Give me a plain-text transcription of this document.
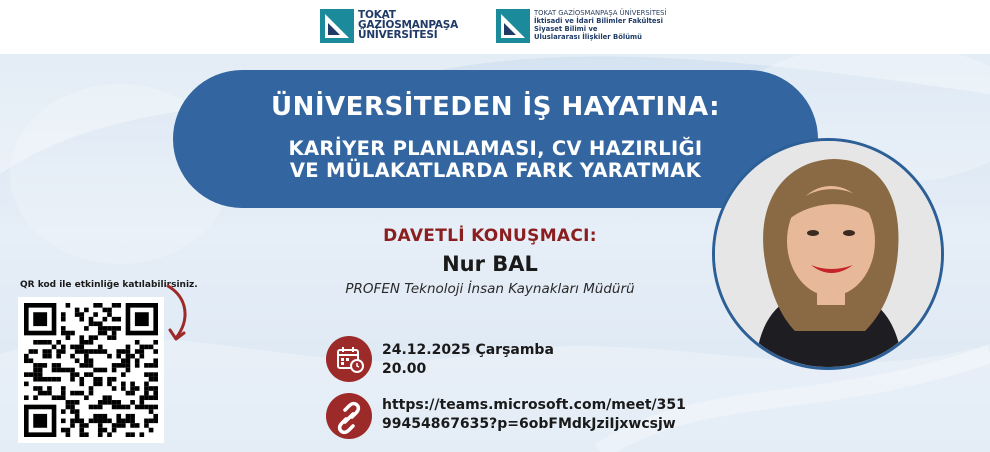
TOKAT
GAZİOSMANPAŞA
ÜNİVERSİTESİ
TOKAT GAZİOSMANPAŞA ÜNİVERSİTESİ
İktisadi ve İdari Bilimler Fakültesi
Siyaset Bilimi ve
Uluslararası İlişkiler Bölümü
ÜNİVERSİTEDEN İŞ HAYATINA:
KARİYER PLANLAMASI, CV HAZIRLIĞI
VE MÜLAKATLARDA FARK YARATMAK
DAVETLİ KONUŞMACI:
Nur BAL
PROFEN Teknoloji İnsan Kaynakları Müdürü
24.12.2025 Çarşamba
20.00
https://teams.microsoft.com/meet/351
99454867635?p=6obFMdkJziIjxwcsjw
QR kod ile etkinliğe katılabilirsiniz.
